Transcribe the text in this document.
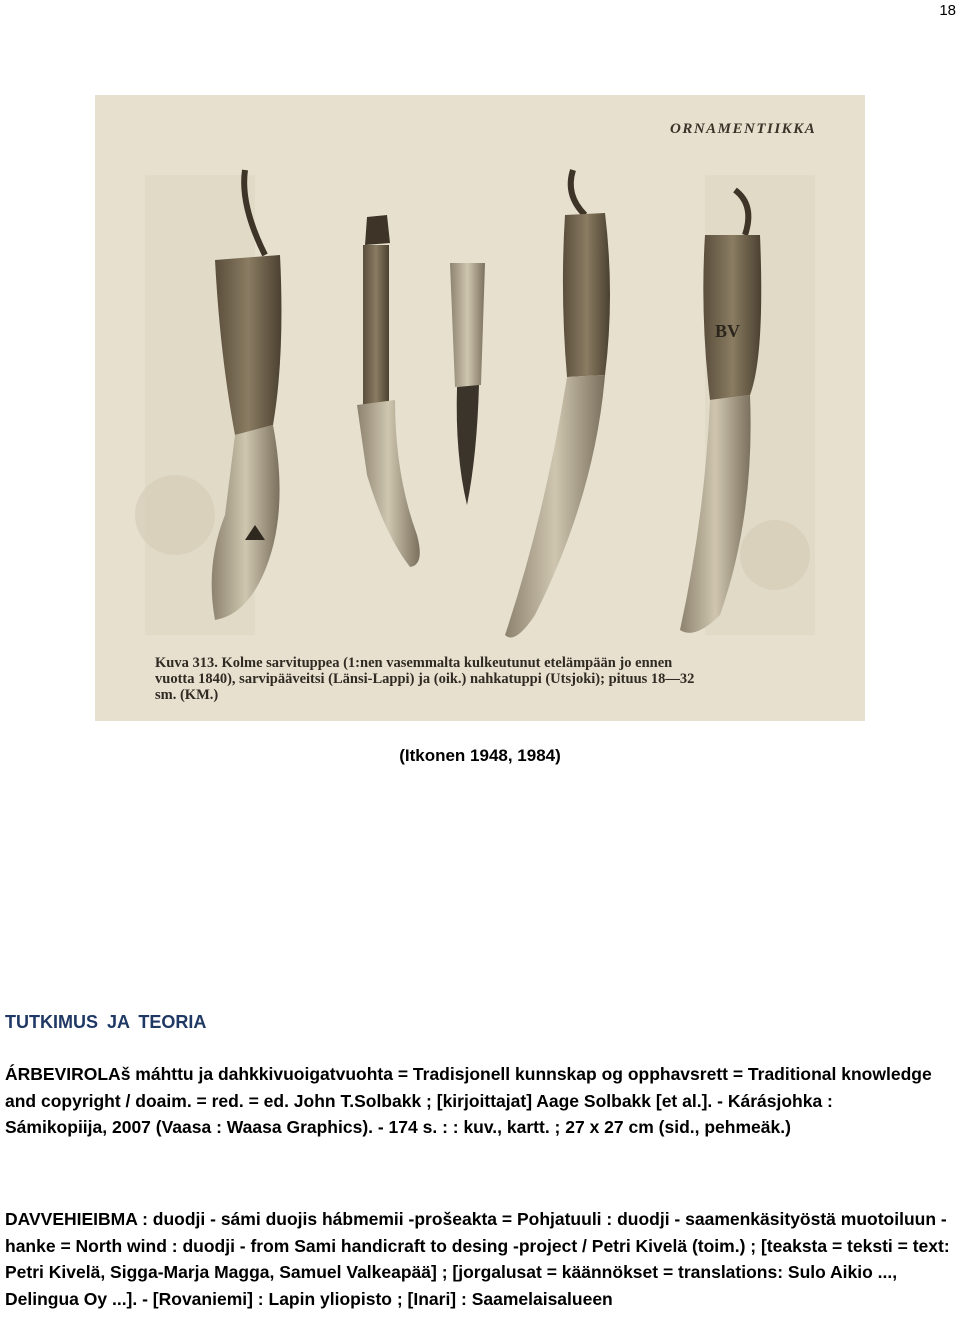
18
BV
ORNAMENTIIKKA
Kuva 313. Kolme sarvituppea (1:nen vasemmalta kulkeutunut etelämpään jo ennen
vuotta 1840), sarvipääveitsi (Länsi-Lappi) ja (oik.) nahkatuppi (Utsjoki); pituus 18—32
sm. (KM.)
(Itkonen 1948, 1984)
TUTKIMUS JA TEORIA
ÁRBEVIROLAš máhttu ja dahkkivuoigatvuohta = Tradisjonell kunnskap og opphavsrett = Traditional knowledge and copyright / doaim. = red. = ed. John T.Solbakk ; [kirjoittajat] Aage Solbakk [et al.]. - Kárásjohka : Sámikopiija, 2007 (Vaasa : Waasa Graphics). - 174 s. : : kuv., kartt. ; 27 x 27 cm (sid., pehmeäk.)
DAVVEHIEIBMA : duodji - sámi duojis hábmemii -prošeakta = Pohjatuuli : duodji - saamenkäsityöstä muotoiluun -hanke = North wind : duodji - from Sami handicraft to desing -project / Petri Kivelä (toim.) ; [teaksta = teksti = text: Petri Kivelä, Sigga-Marja Magga, Samuel Valkeapää] ; [jorgalusat = käännökset = translations: Sulo Aikio ..., Delingua Oy ...]. - [Rovaniemi] : Lapin yliopisto ; [Inari] : Saamelaisalueen
